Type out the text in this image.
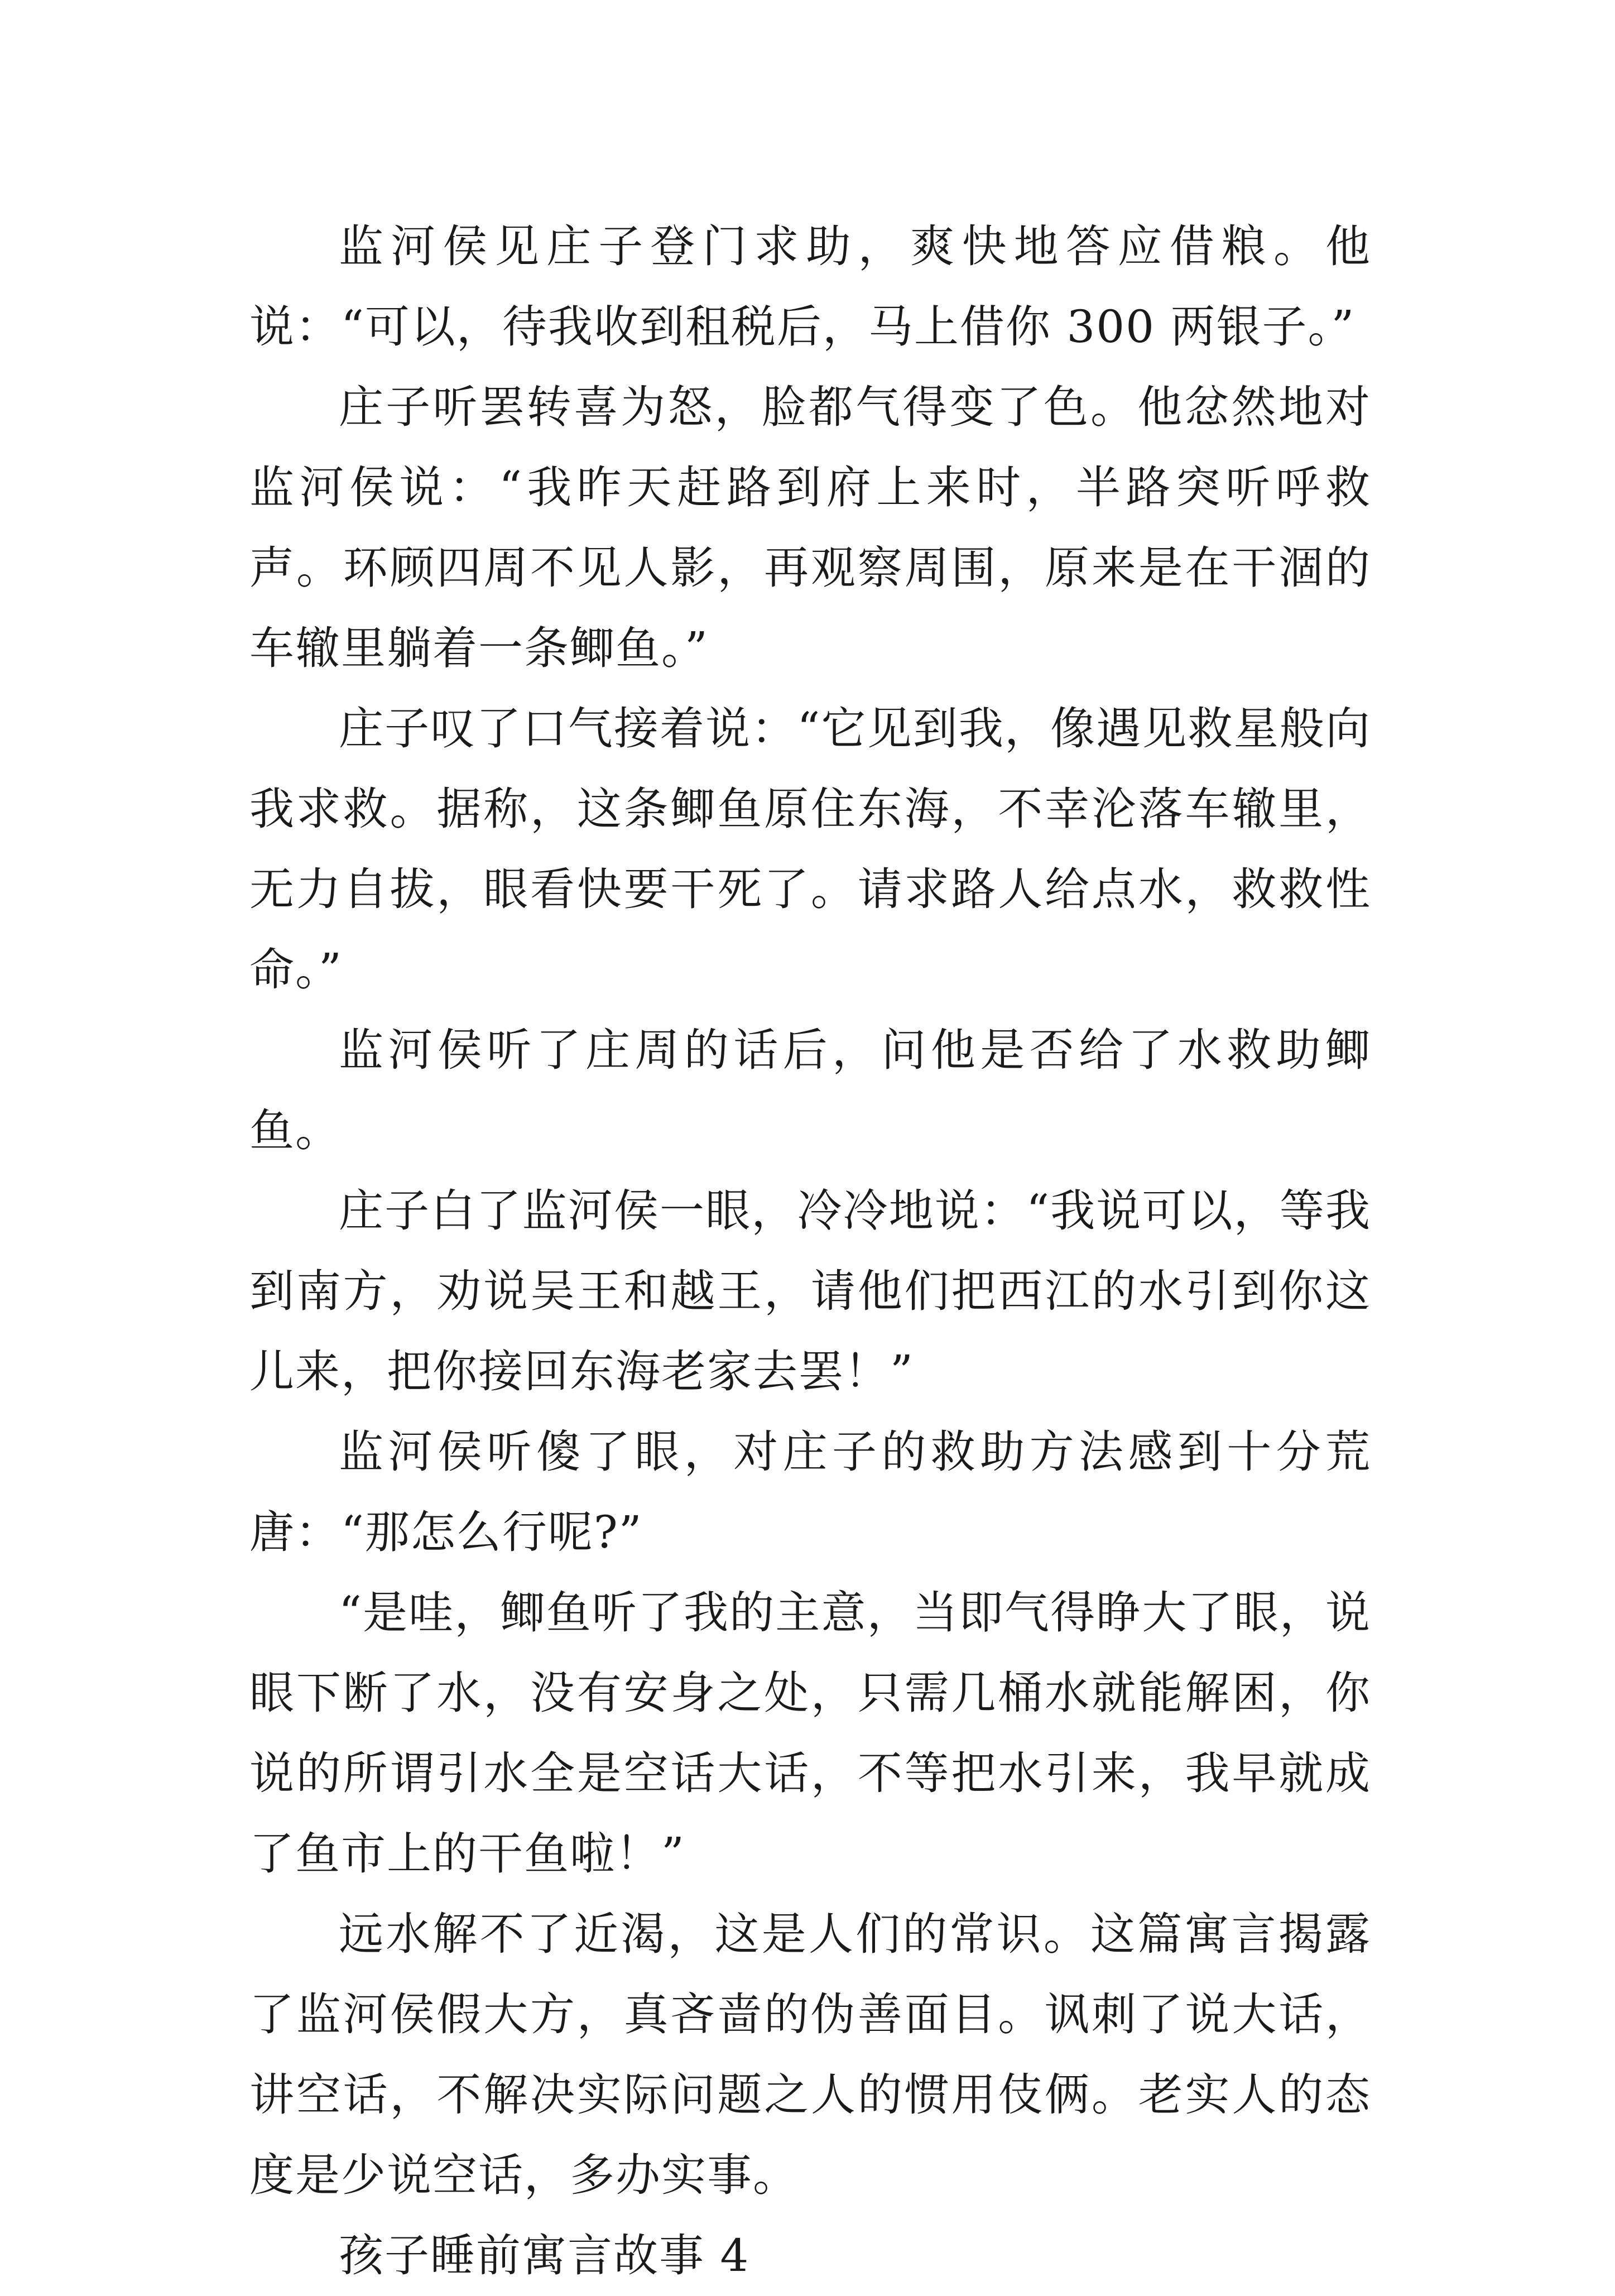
监河侯见庄子登门求助，爽快地答应借粮。他说：“可以，待我收到租税后，马上借你 300 两银子。”

庄子听罢转喜为怒，脸都气得变了色。他忿然地对监河侯说：“我昨天赶路到府上来时，半路突听呼救声。环顾四周不见人影，再观察周围，原来是在干涸的车辙里躺着一条鲫鱼。”

庄子叹了口气接着说：“它见到我，像遇见救星般向我求救。据称，这条鲫鱼原住东海，不幸沦落车辙里，无力自拔，眼看快要干死了。请求路人给点水，救救性命。”

监河侯听了庄周的话后，问他是否给了水救助鲫鱼。

庄子白了监河侯一眼，冷冷地说：“我说可以，等我到南方，劝说吴王和越王，请他们把西江的水引到你这儿来，把你接回东海老家去罢！”

监河侯听傻了眼，对庄子的救助方法感到十分荒唐：“那怎么行呢?”

“是哇，鲫鱼听了我的主意，当即气得睁大了眼，说眼下断了水，没有安身之处，只需几桶水就能解困，你说的所谓引水全是空话大话，不等把水引来，我早就成了鱼市上的干鱼啦！”

远水解不了近渴，这是人们的常识。这篇寓言揭露了监河侯假大方，真吝啬的伪善面目。讽刺了说大话，讲空话，不解决实际问题之人的惯用伎俩。老实人的态度是少说空话，多办实事。

孩子睡前寓言故事 4
